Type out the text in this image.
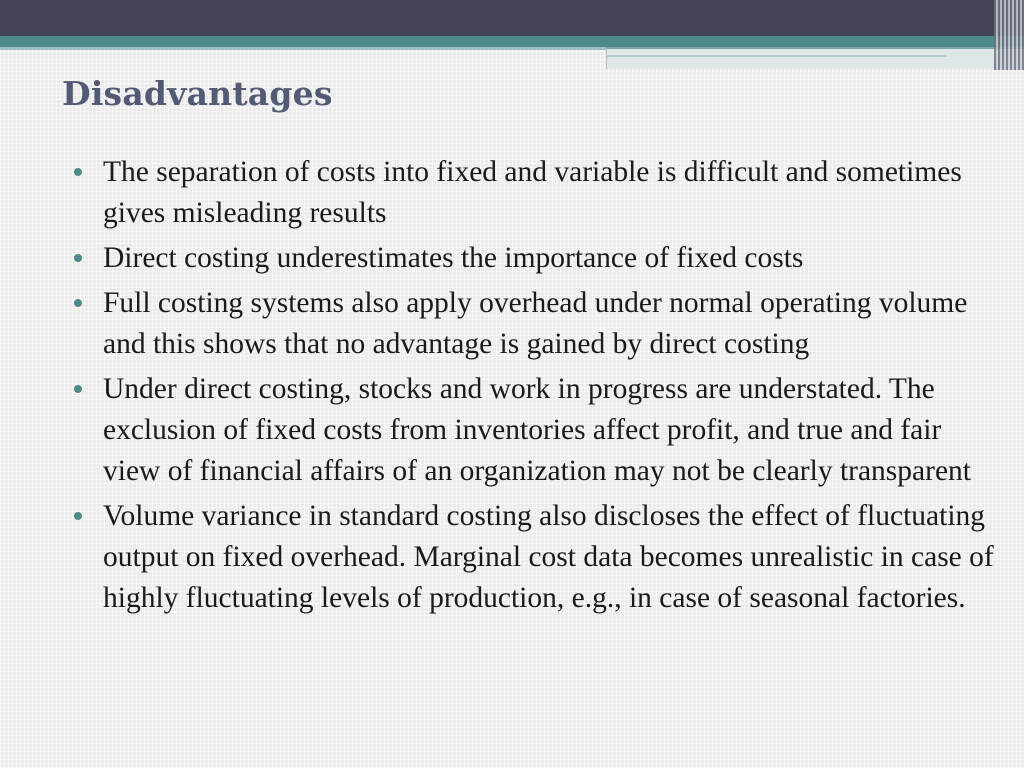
Disadvantages
The separation of costs into fixed and variable is difficult and sometimes gives misleading results
Direct costing underestimates the importance of fixed costs
Full costing systems also apply overhead under normal operating volume and this shows that no advantage is gained by direct costing
Under direct costing, stocks and work in progress are understated. The exclusion of fixed costs from inventories affect profit, and true and fair view of financial affairs of an organization may not be clearly transparent
Volume variance in standard costing also discloses the effect of fluctuating output on fixed overhead. Marginal cost data becomes unrealistic in case of highly fluctuating levels of production, e.g., in case of seasonal factories.
